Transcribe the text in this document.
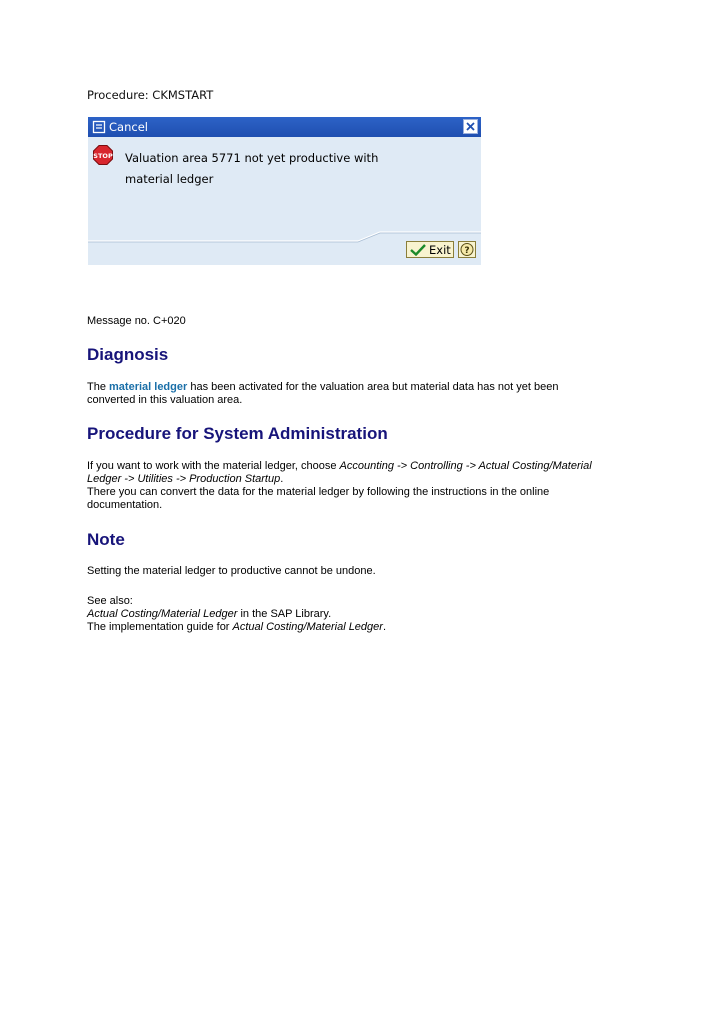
Procedure: CKMSTART
Cancel
STOP Valuation area 5771 not yet productive with
material ledger
Exit ?
Message no. C+020
Diagnosis
The material ledger has been activated for the valuation area but material data has not yet been
converted in this valuation area.
Procedure for System Administration
If you want to work with the material ledger, choose Accounting -> Controlling -> Actual Costing/Material
Ledger -> Utilities -> Production Startup.
There you can convert the data for the material ledger by following the instructions in the online
documentation.
Note
Setting the material ledger to productive cannot be undone.
See also:
Actual Costing/Material Ledger in the SAP Library.
The implementation guide for Actual Costing/Material Ledger.
